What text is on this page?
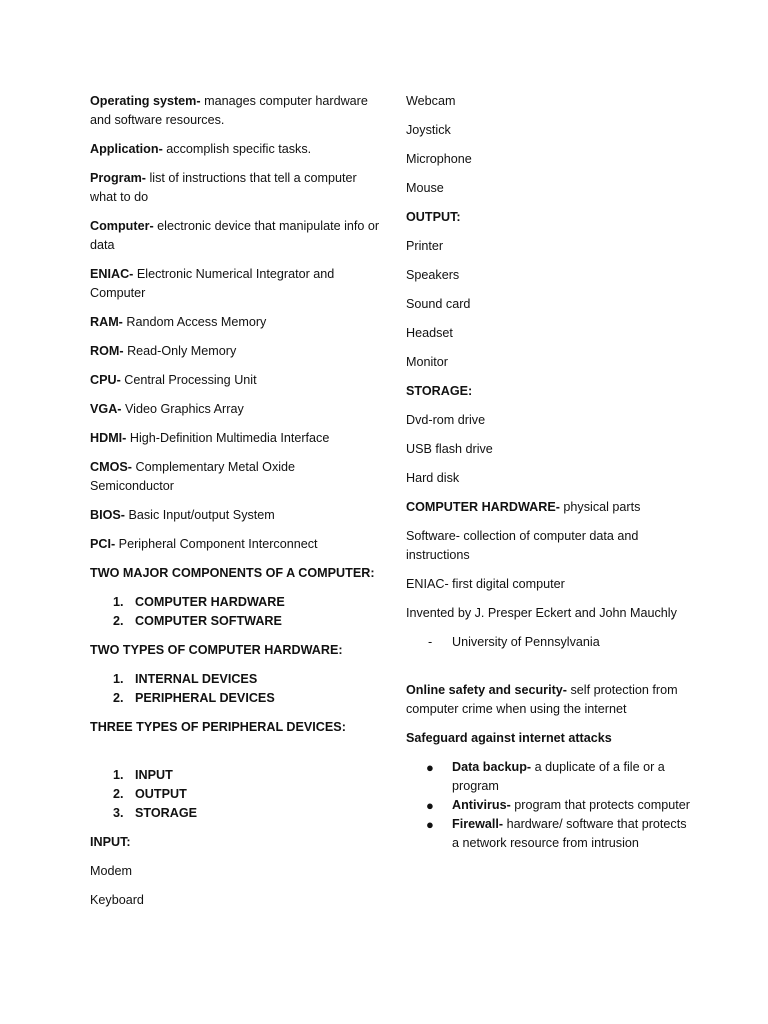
Operating system- manages computer hardware and software resources.

Application- accomplish specific tasks.

Program- list of instructions that tell a computer what to do

Computer- electronic device that manipulate info or data

ENIAC- Electronic Numerical Integrator and Computer

RAM- Random Access Memory

ROM- Read-Only Memory

CPU- Central Processing Unit

VGA- Video Graphics Array

HDMI- High-Definition Multimedia Interface

CMOS- Complementary Metal Oxide Semiconductor

BIOS- Basic Input/output System

PCI- Peripheral Component Interconnect

TWO MAJOR COMPONENTS OF A COMPUTER:

1. COMPUTER HARDWARE
2. COMPUTER SOFTWARE

TWO TYPES OF COMPUTER HARDWARE:

1. INTERNAL DEVICES
2. PERIPHERAL DEVICES

THREE TYPES OF PERIPHERAL DEVICES:

1. INPUT
2. OUTPUT
3. STORAGE

INPUT:

Modem

Keyboard

Webcam

Joystick

Microphone

Mouse

OUTPUT:

Printer

Speakers

Sound card

Headset

Monitor

STORAGE:

Dvd-rom drive

USB flash drive

Hard disk

COMPUTER HARDWARE- physical parts

Software- collection of computer data and instructions

ENIAC- first digital computer

Invented by J. Presper Eckert and John Mauchly

- University of Pennsylvania

Online safety and security- self protection from computer crime when using the internet

Safeguard against internet attacks

● Data backup- a duplicate of a file or a program
● Antivirus- program that protects computer
● Firewall- hardware/ software that protects a network resource from intrusion
